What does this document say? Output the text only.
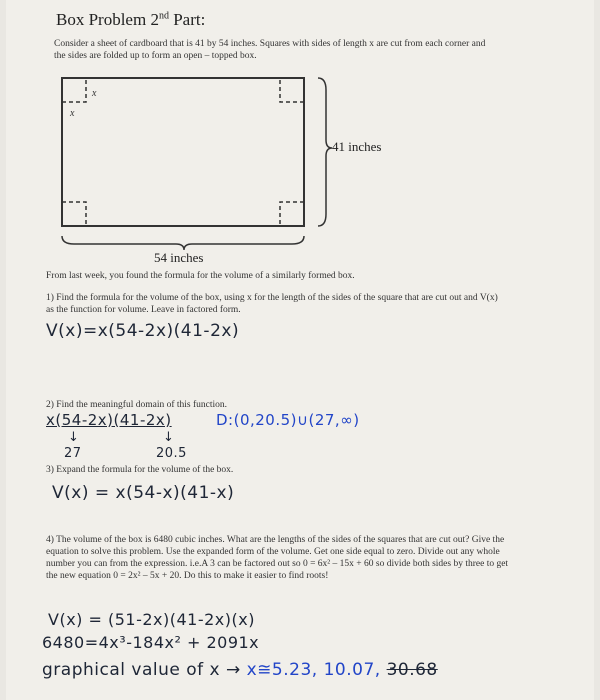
Box Problem 2nd Part:
Consider a sheet of cardboard that is 41 by 54 inches. Squares with sides of length x are cut from each corner and the sides are folded up to form an open – topped box.
x
x
41 inches
54 inches
From last week, you found the formula for the volume of a similarly formed box.
1) Find the formula for the volume of the box, using x for the length of the sides of the square that are cut out and V(x) as the function for volume. Leave in factored form.
V(x)=x(54-2x)(41-2x)
2) Find the meaningful domain of this function.
x(54-2x)(41-2x)	D:(0,20.5)∪(27,∞)
↓	↓
27	20.5
3) Expand the formula for the volume of the box.
V(x) = x(54-x)(41-x)
4) The volume of the box is 6480 cubic inches. What are the lengths of the sides of the squares that are cut out? Give the equation to solve this problem. Use the expanded form of the volume. Get one side equal to zero. Divide out any whole number you can from the expression. i.e.A 3 can be factored out so 0 = 6x² – 15x + 60 so divide both sides by three to get the new equation 0 = 2x² – 5x + 20. Do this to make it easier to find roots!
V(x) = (51-2x)(41-2x)(x)
6480=4x³-184x² + 2091x
graphical value of x → x≅5.23, 10.07, 30.68
